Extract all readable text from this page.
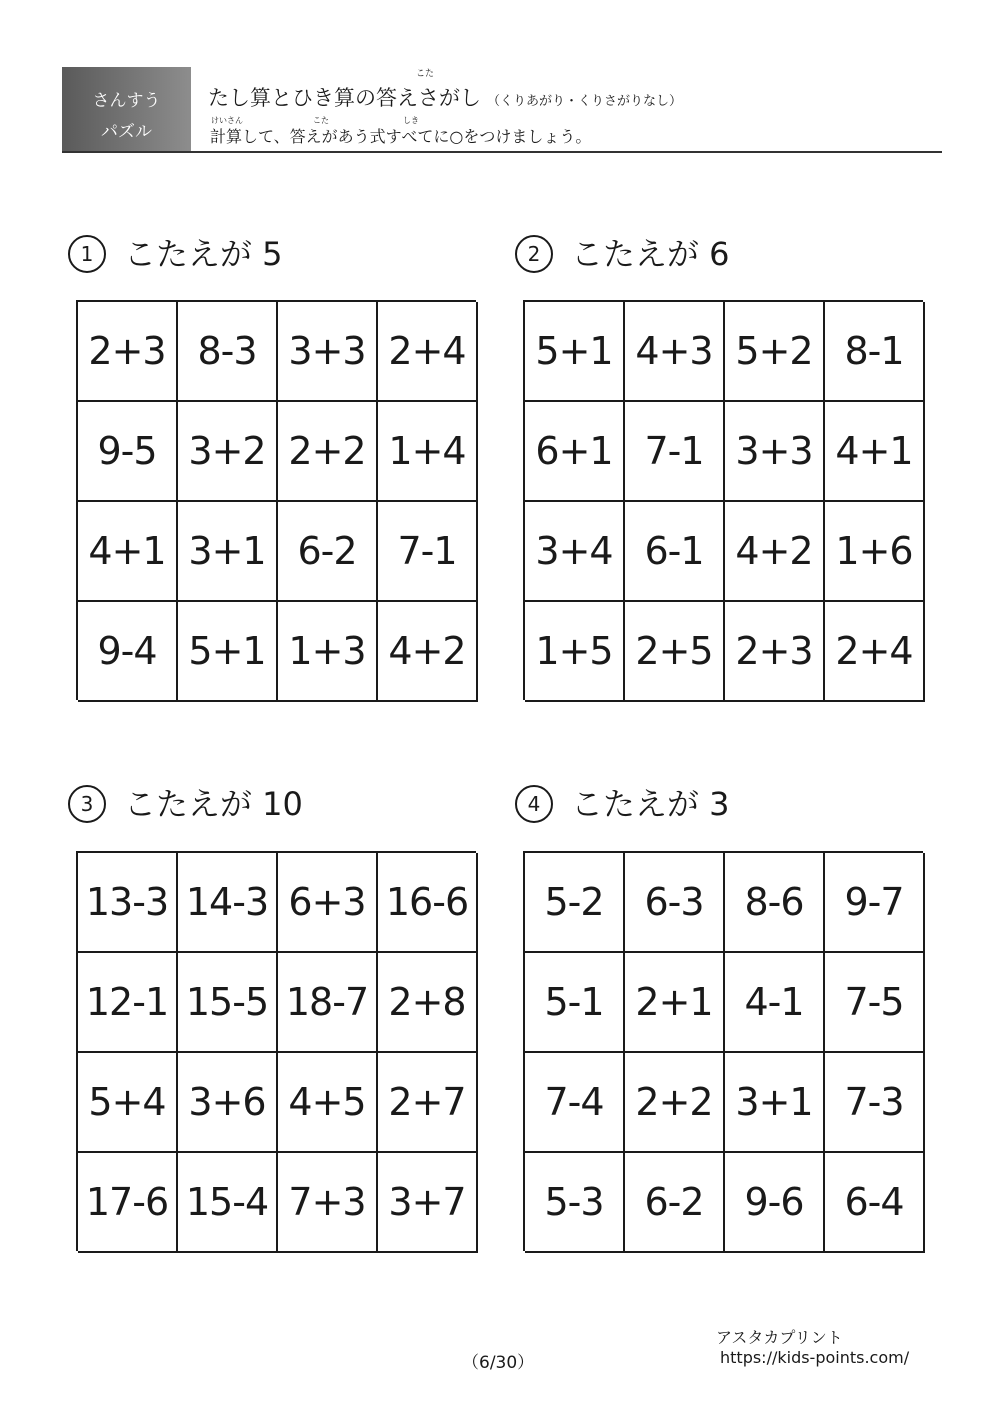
さんすう
パズル
こた
たし算とひき算の答えさがし （くりあがり・くりさがりなし）
けいさん	こた	しき
計算して、答えがあう式すべてに○をつけましょう。
1 こたえが 5
2+3 8-3 3+3 2+4
9-5 3+2 2+2 1+4
4+1 3+1 6-2	7-1
9-4 5+1 1+3 4+2
2 こたえが 6
5+1 4+3 5+2 8-1
6+1 7-1 3+3 4+1
3+4 6-1 4+2 1+6
1+5 2+5 2+3 2+4
3 こたえが 10
13-3 14-3 6+3 16-6
12-1 15-5 18-7 2+8
5+4 3+6 4+5 2+7
17-6 15-4 7+3 3+7
4 こたえが 3
5-2	6-3	8-6	9-7
5-1 2+1 4-1	7-5
7-4 2+2 3+1 7-3
5-3	6-2	9-6	6-4
（6/30）
アスタカプリント
https://kids-points.com/
